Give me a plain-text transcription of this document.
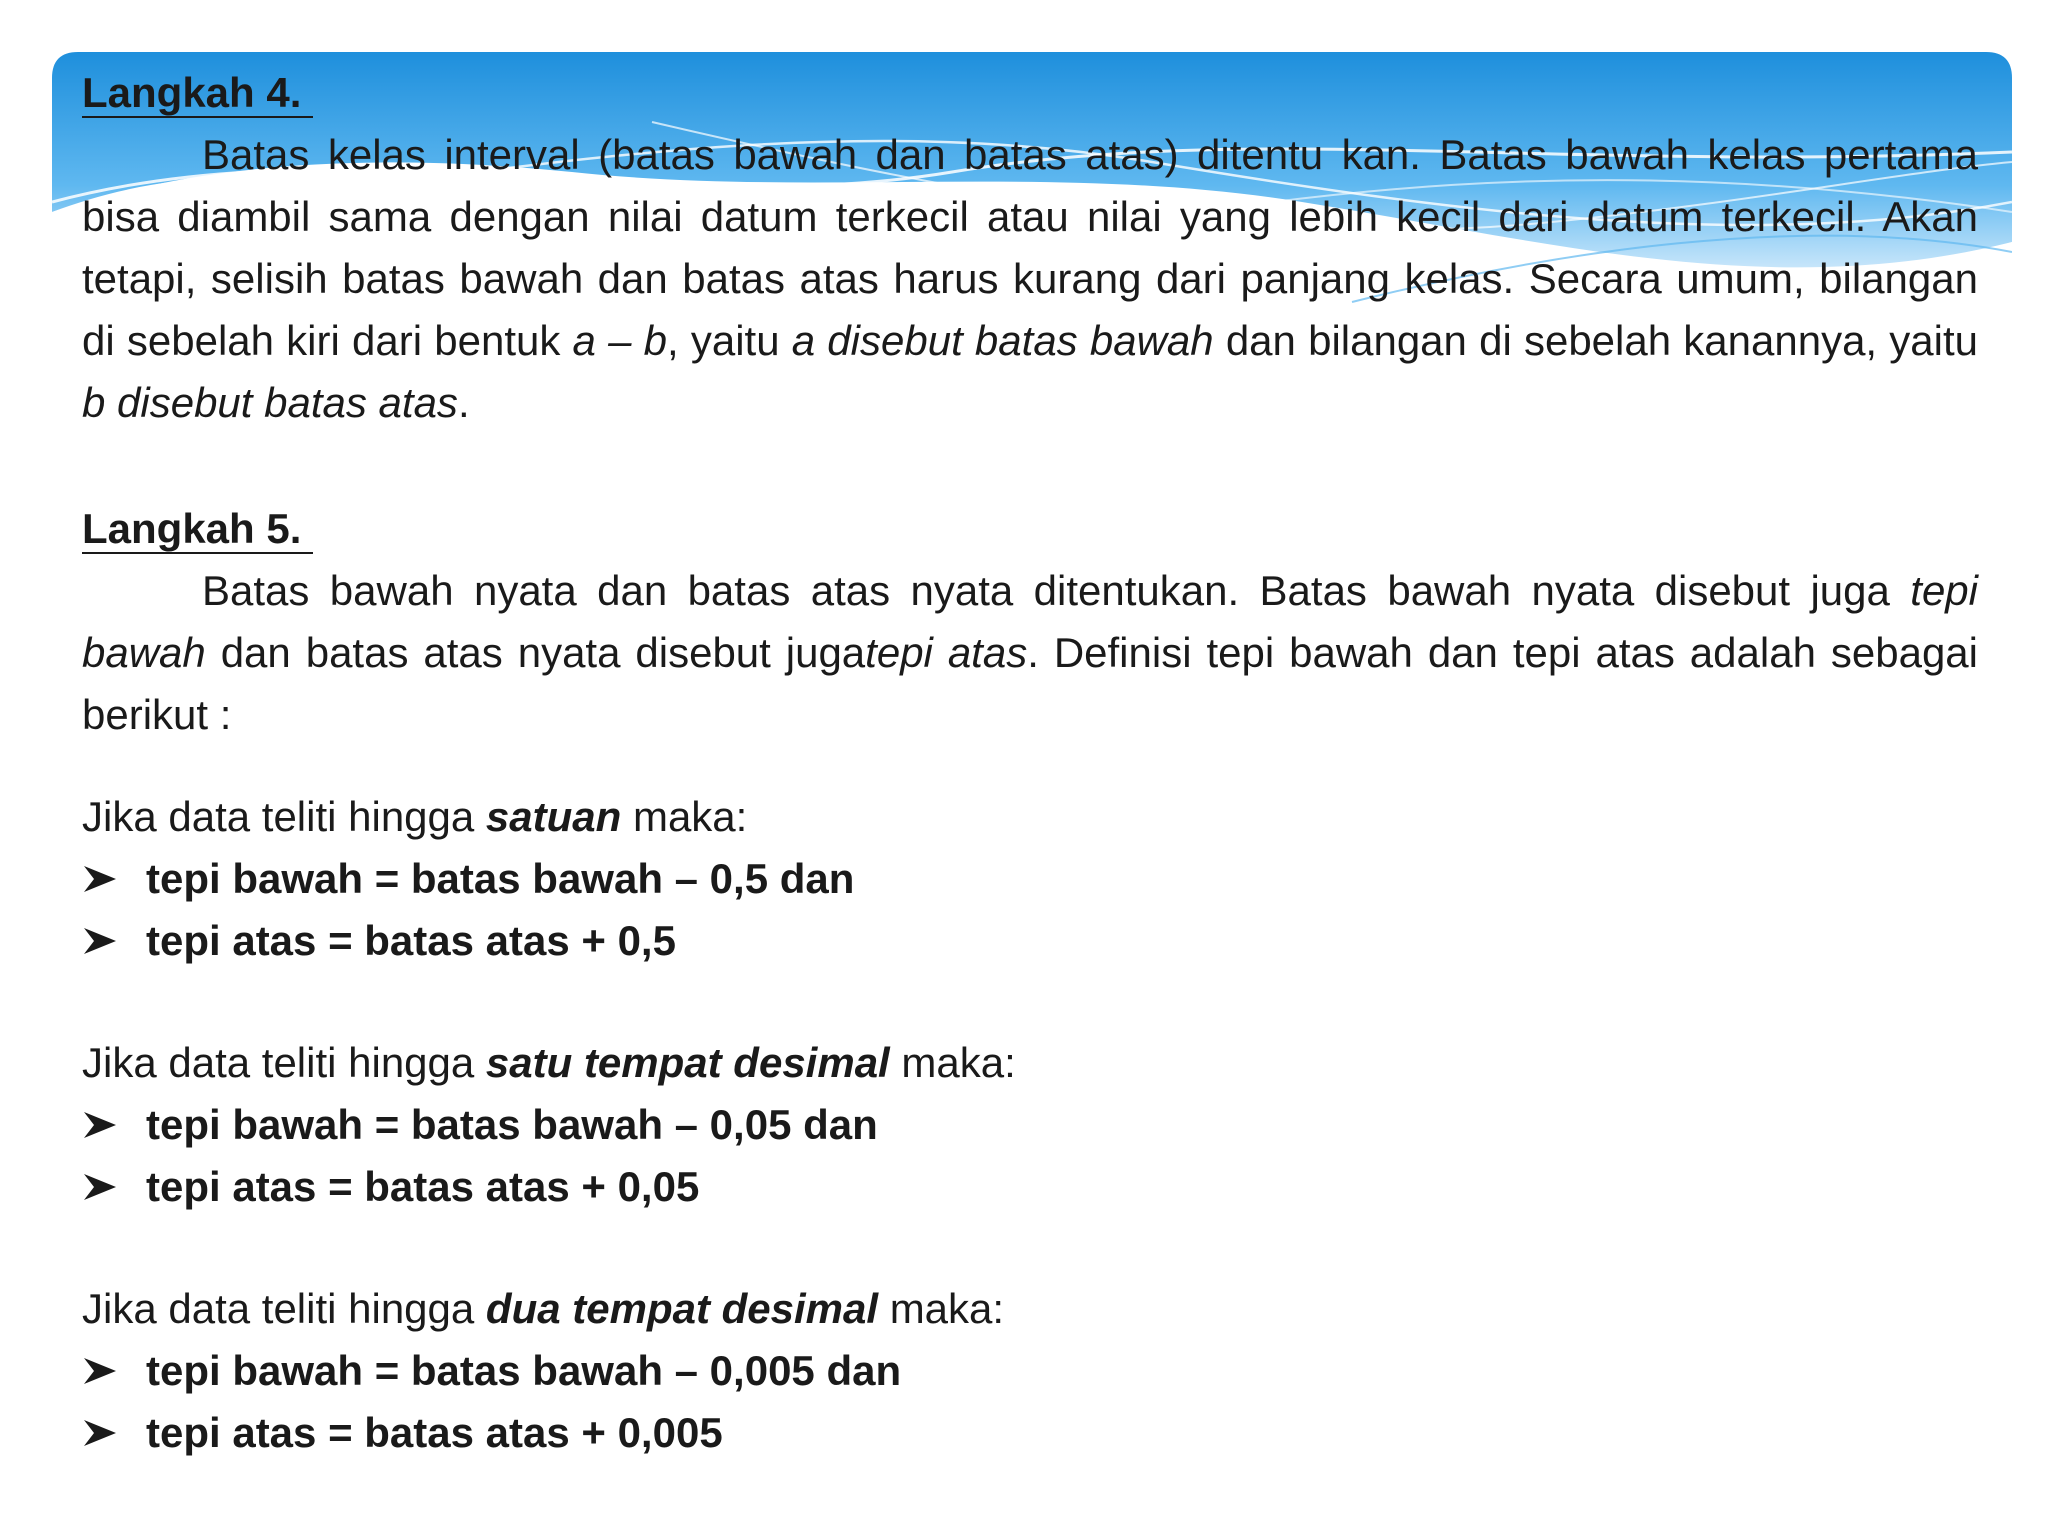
Langkah 4.

Batas kelas interval (batas bawah dan batas atas) ditentu kan. Batas bawah kelas pertama bisa diambil sama dengan nilai datum terkecil atau nilai yang lebih kecil dari datum terkecil. Akan tetapi, selisih batas bawah dan batas atas harus kurang dari panjang kelas. Secara umum, bilangan di sebelah kiri dari bentuk a – b, yaitu a disebut batas bawah dan bilangan di sebelah kanannya, yaitu b disebut batas atas.

Langkah 5.

Batas bawah nyata dan batas atas nyata ditentukan. Batas bawah nyata disebut juga tepi bawah dan batas atas nyata disebut jugatepi atas. Definisi tepi bawah dan tepi atas adalah sebagai berikut :

Jika data teliti hingga satuan maka:

tepi bawah = batas bawah – 0,5 dan

tepi atas = batas atas + 0,5

Jika data teliti hingga satu tempat desimal maka:

tepi bawah = batas bawah – 0,05 dan

tepi atas = batas atas + 0,05

Jika data teliti hingga dua tempat desimal maka:

tepi bawah = batas bawah – 0,005 dan

tepi atas = batas atas + 0,005
